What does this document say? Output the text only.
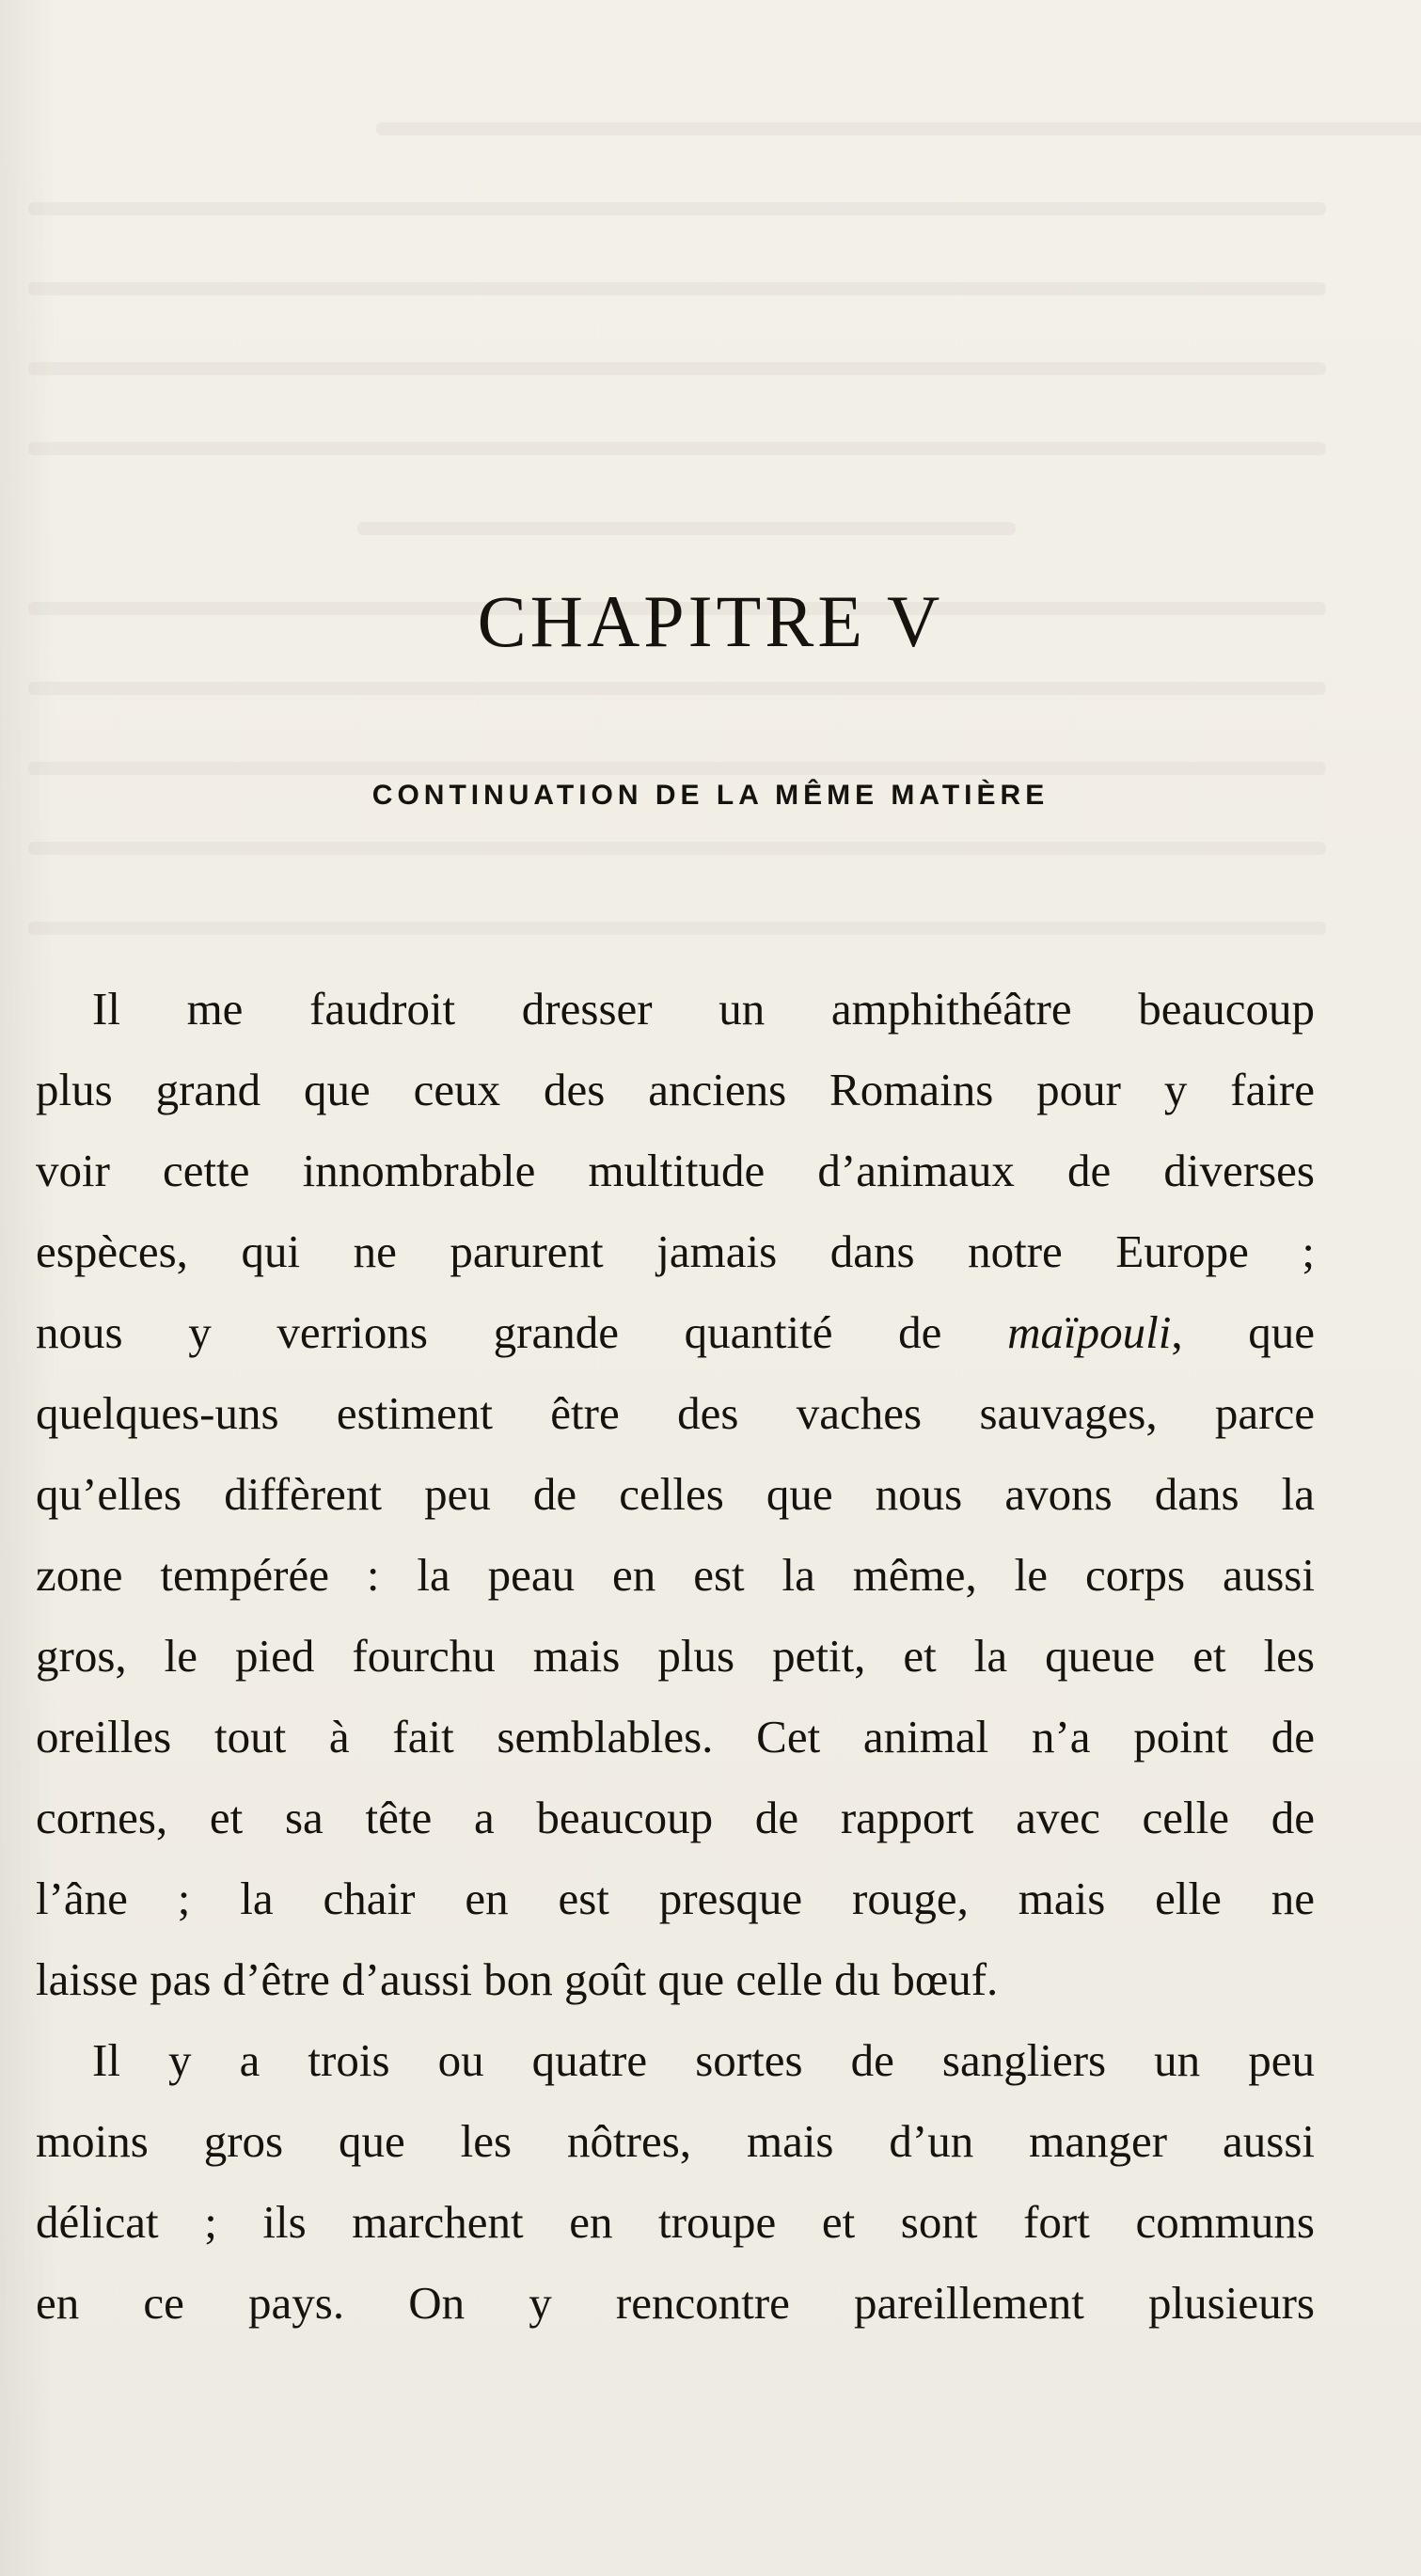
CHAPITRE V
CONTINUATION DE LA MÊME MATIÈRE
Il me faudroit dresser un amphithéâtre beaucoup
plus grand que ceux des anciens Romains pour y faire
voir cette innombrable multitude d’animaux de diverses
espèces, qui ne parurent jamais dans notre Europe ;
nous y verrions grande quantité de maïpouli, que
quelques-uns estiment être des vaches sauvages, parce
qu’elles diffèrent peu de celles que nous avons dans la
zone tempérée : la peau en est la même, le corps aussi
gros, le pied fourchu mais plus petit, et la queue et les
oreilles tout à fait semblables. Cet animal n’a point de
cornes, et sa tête a beaucoup de rapport avec celle de
l’âne ; la chair en est presque rouge, mais elle ne
laisse pas d’être d’aussi bon goût que celle du bœuf.
Il y a trois ou quatre sortes de sangliers un peu
moins gros que les nôtres, mais d’un manger aussi
délicat ; ils marchent en troupe et sont fort communs
en ce pays. On y rencontre pareillement plusieurs
